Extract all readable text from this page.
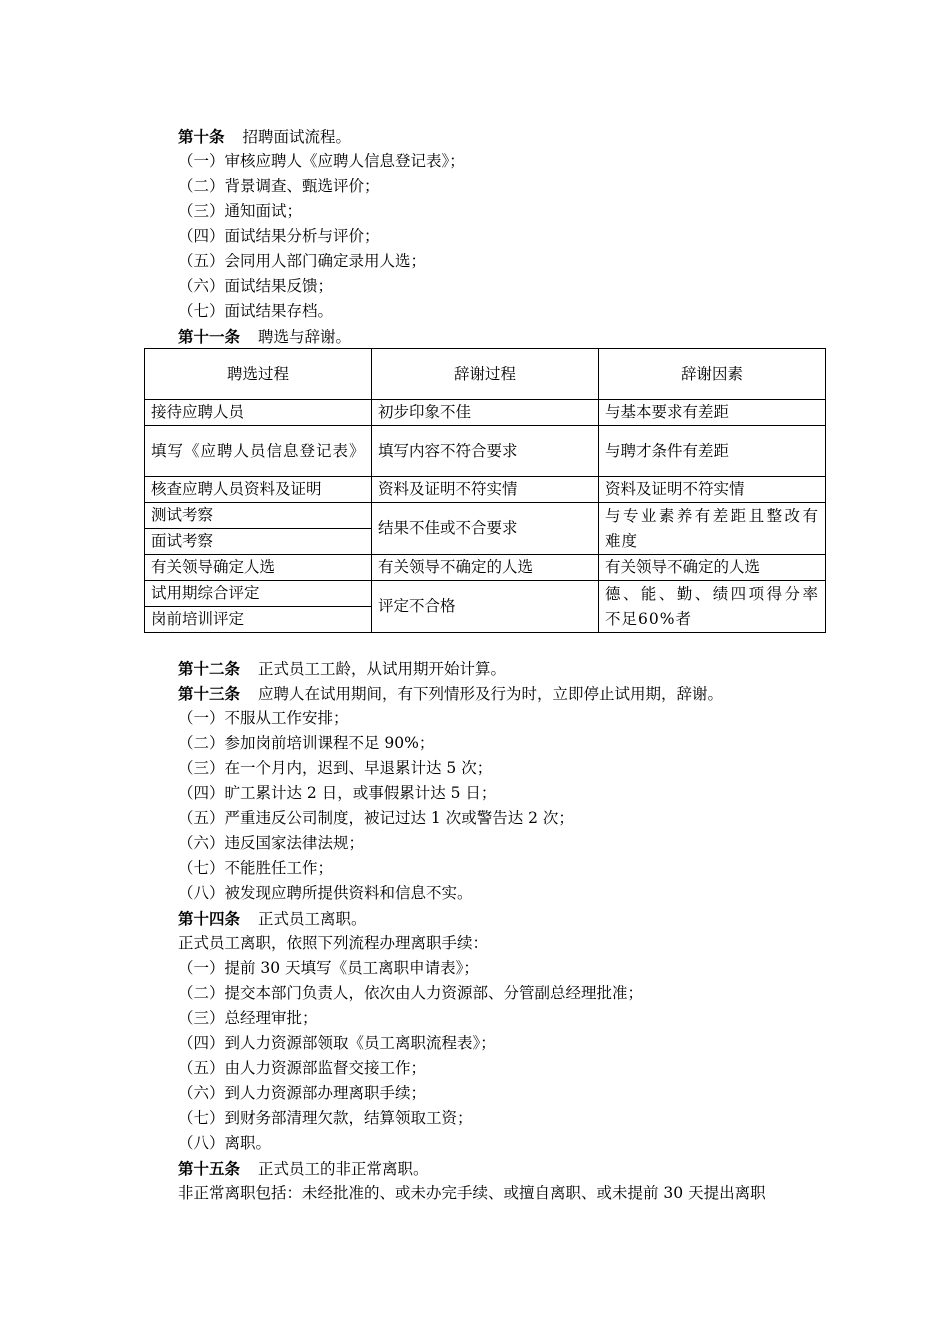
第十条 招聘面试流程。
（一）审核应聘人《应聘人信息登记表》；
（二）背景调查、甄选评价；
（三）通知面试；
（四）面试结果分析与评价；
（五）会同用人部门确定录用人选；
（六）面试结果反馈；
（七）面试结果存档。
第十一条 聘选与辞谢。
聘选过程	辞谢过程	辞谢因素
接待应聘人员	初步印象不佳	与基本要求有差距
填写《应聘人员信息登记表》	填写内容不符合要求	与聘才条件有差距
核查应聘人员资料及证明	资料及证明不符实情	资料及证明不符实情
测试考察	结果不佳或不合要求	与专业素养有差距且整改有难度
面试考察		
有关领导确定人选	有关领导不确定的人选	有关领导不确定的人选
试用期综合评定	评定不合格	德、能、勤、绩四项得分率不足60%者
岗前培训评定		
第十二条 正式员工工龄，从试用期开始计算。
第十三条 应聘人在试用期间，有下列情形及行为时，立即停止试用期，辞谢。
（一）不服从工作安排；
（二）参加岗前培训课程不足 90%；
（三）在一个月内，迟到、早退累计达 5 次；
（四）旷工累计达 2 日，或事假累计达 5 日；
（五）严重违反公司制度，被记过达 1 次或警告达 2 次；
（六）违反国家法律法规；
（七）不能胜任工作；
（八）被发现应聘所提供资料和信息不实。
第十四条 正式员工离职。
正式员工离职，依照下列流程办理离职手续：
（一）提前 30 天填写《员工离职申请表》；
（二）提交本部门负责人，依次由人力资源部、分管副总经理批准；
（三）总经理审批；
（四）到人力资源部领取《员工离职流程表》；
（五）由人力资源部监督交接工作；
（六）到人力资源部办理离职手续；
（七）到财务部清理欠款，结算领取工资；
（八）离职。
第十五条 正式员工的非正常离职。
非正常离职包括：未经批准的、或未办完手续、或擅自离职、或未提前 30 天提出离职
